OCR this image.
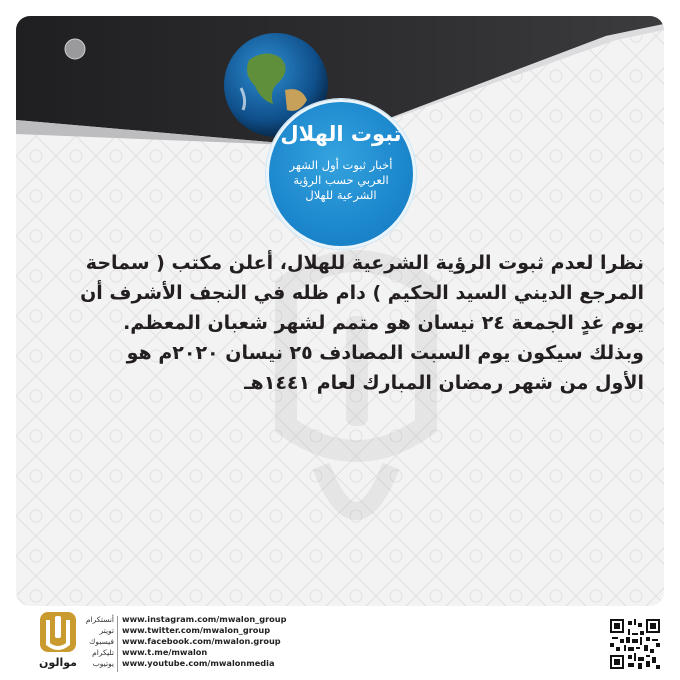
ثبوت الهلال
أخبار ثبوت أول الشهر العربي حسب الرؤية الشرعية للهلال
نظرا لعدم ثبوت الرؤية الشرعية للهلال، أعلن مكتب ( سماحة
المرجع الديني السيد الحكيم ) دام ظله في النجف الأشرف أن
يوم غدٍ الجمعة ٢٤ نيسان هو متمم لشهر شعبان المعظم.
وبذلك سيكون يوم السبت المصادف ٢٥ نيسان ٢٠٢٠م هو
الأول من شهر رمضان المبارك لعام ١٤٤١هـ
موالون
أنستكرام
تويتر
فيسبوك
تليكرام
يوتيوب
www.instagram.com/mwalon_group
www.twitter.com/mwalon_group
www.facebook.com/mwalon.group
www.t.me/mwalon
www.youtube.com/mwalonmedia
